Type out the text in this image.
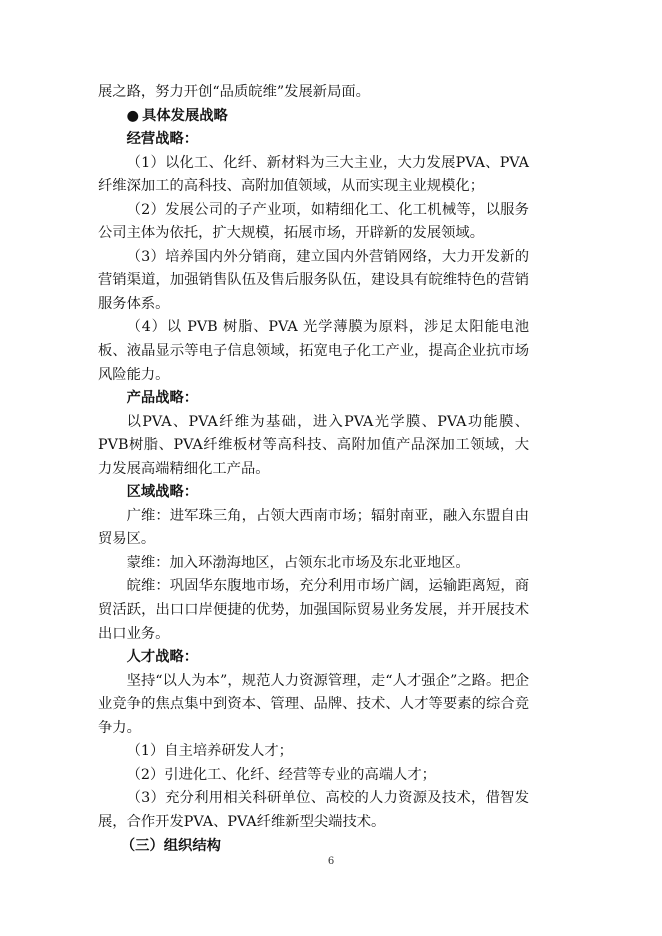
展之路，努力开创“品质皖维”发展新局面。

● 具体发展战略

经营战略：

（1）以化工、化纤、新材料为三大主业，大力发展PVA、PVA纤维深加工的高科技、高附加值领域，从而实现主业规模化；

（2）发展公司的子产业项，如精细化工、化工机械等，以服务公司主体为依托，扩大规模，拓展市场，开辟新的发展领域。

（3）培养国内外分销商，建立国内外营销网络，大力开发新的营销渠道，加强销售队伍及售后服务队伍，建设具有皖维特色的营销服务体系。

（4）以 PVB 树脂、PVA 光学薄膜为原料，涉足太阳能电池板、液晶显示等电子信息领域，拓宽电子化工产业，提高企业抗市场风险能力。

产品战略：

以PVA、PVA纤维为基础，进入PVA光学膜、PVA功能膜、PVB树脂、PVA纤维板材等高科技、高附加值产品深加工领域，大力发展高端精细化工产品。

区域战略：

广维：进军珠三角，占领大西南市场；辐射南亚，融入东盟自由贸易区。

蒙维：加入环渤海地区，占领东北市场及东北亚地区。

皖维：巩固华东腹地市场，充分利用市场广阔，运输距离短，商贸活跃，出口口岸便捷的优势，加强国际贸易业务发展，并开展技术出口业务。

人才战略：

坚持“以人为本”，规范人力资源管理，走“人才强企”之路。把企业竞争的焦点集中到资本、管理、品牌、技术、人才等要素的综合竞争力。

（1）自主培养研发人才；

（2）引进化工、化纤、经营等专业的高端人才；

（3）充分利用相关科研单位、高校的人力资源及技术，借智发展，合作开发PVA、PVA纤维新型尖端技术。

（三）组织结构

6
